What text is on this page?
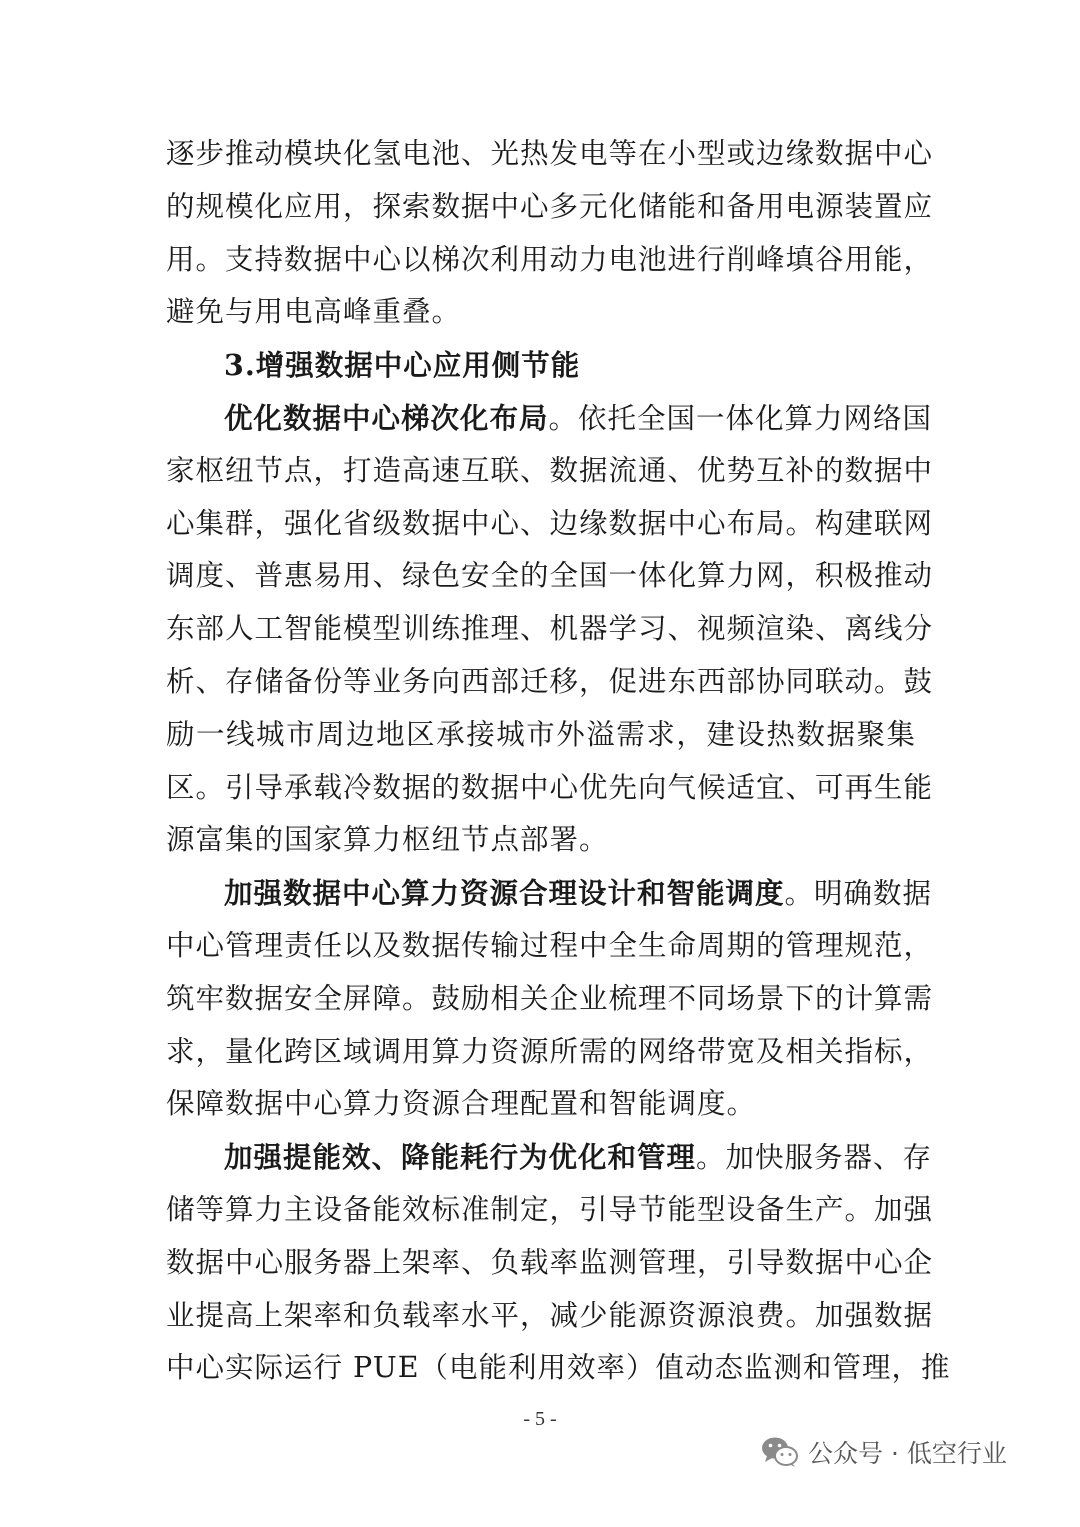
逐步推动模块化氢电池、光热发电等在小型或边缘数据中心
的规模化应用，探索数据中心多元化储能和备用电源装置应
用。支持数据中心以梯次利用动力电池进行削峰填谷用能，
避免与用电高峰重叠。
3.增强数据中心应用侧节能
优化数据中心梯次化布局。依托全国一体化算力网络国
家枢纽节点，打造高速互联、数据流通、优势互补的数据中
心集群，强化省级数据中心、边缘数据中心布局。构建联网
调度、普惠易用、绿色安全的全国一体化算力网，积极推动
东部人工智能模型训练推理、机器学习、视频渲染、离线分
析、存储备份等业务向西部迁移，促进东西部协同联动。鼓
励一线城市周边地区承接城市外溢需求，建设热数据聚集
区。引导承载冷数据的数据中心优先向气候适宜、可再生能
源富集的国家算力枢纽节点部署。
加强数据中心算力资源合理设计和智能调度。明确数据
中心管理责任以及数据传输过程中全生命周期的管理规范，
筑牢数据安全屏障。鼓励相关企业梳理不同场景下的计算需
求，量化跨区域调用算力资源所需的网络带宽及相关指标，
保障数据中心算力资源合理配置和智能调度。
加强提能效、降能耗行为优化和管理。加快服务器、存
储等算力主设备能效标准制定，引导节能型设备生产。加强
数据中心服务器上架率、负载率监测管理，引导数据中心企
业提高上架率和负载率水平，减少能源资源浪费。加强数据
中心实际运行 PUE（电能利用效率）值动态监测和管理，推
- 5 -
公众号 · 低空行业
